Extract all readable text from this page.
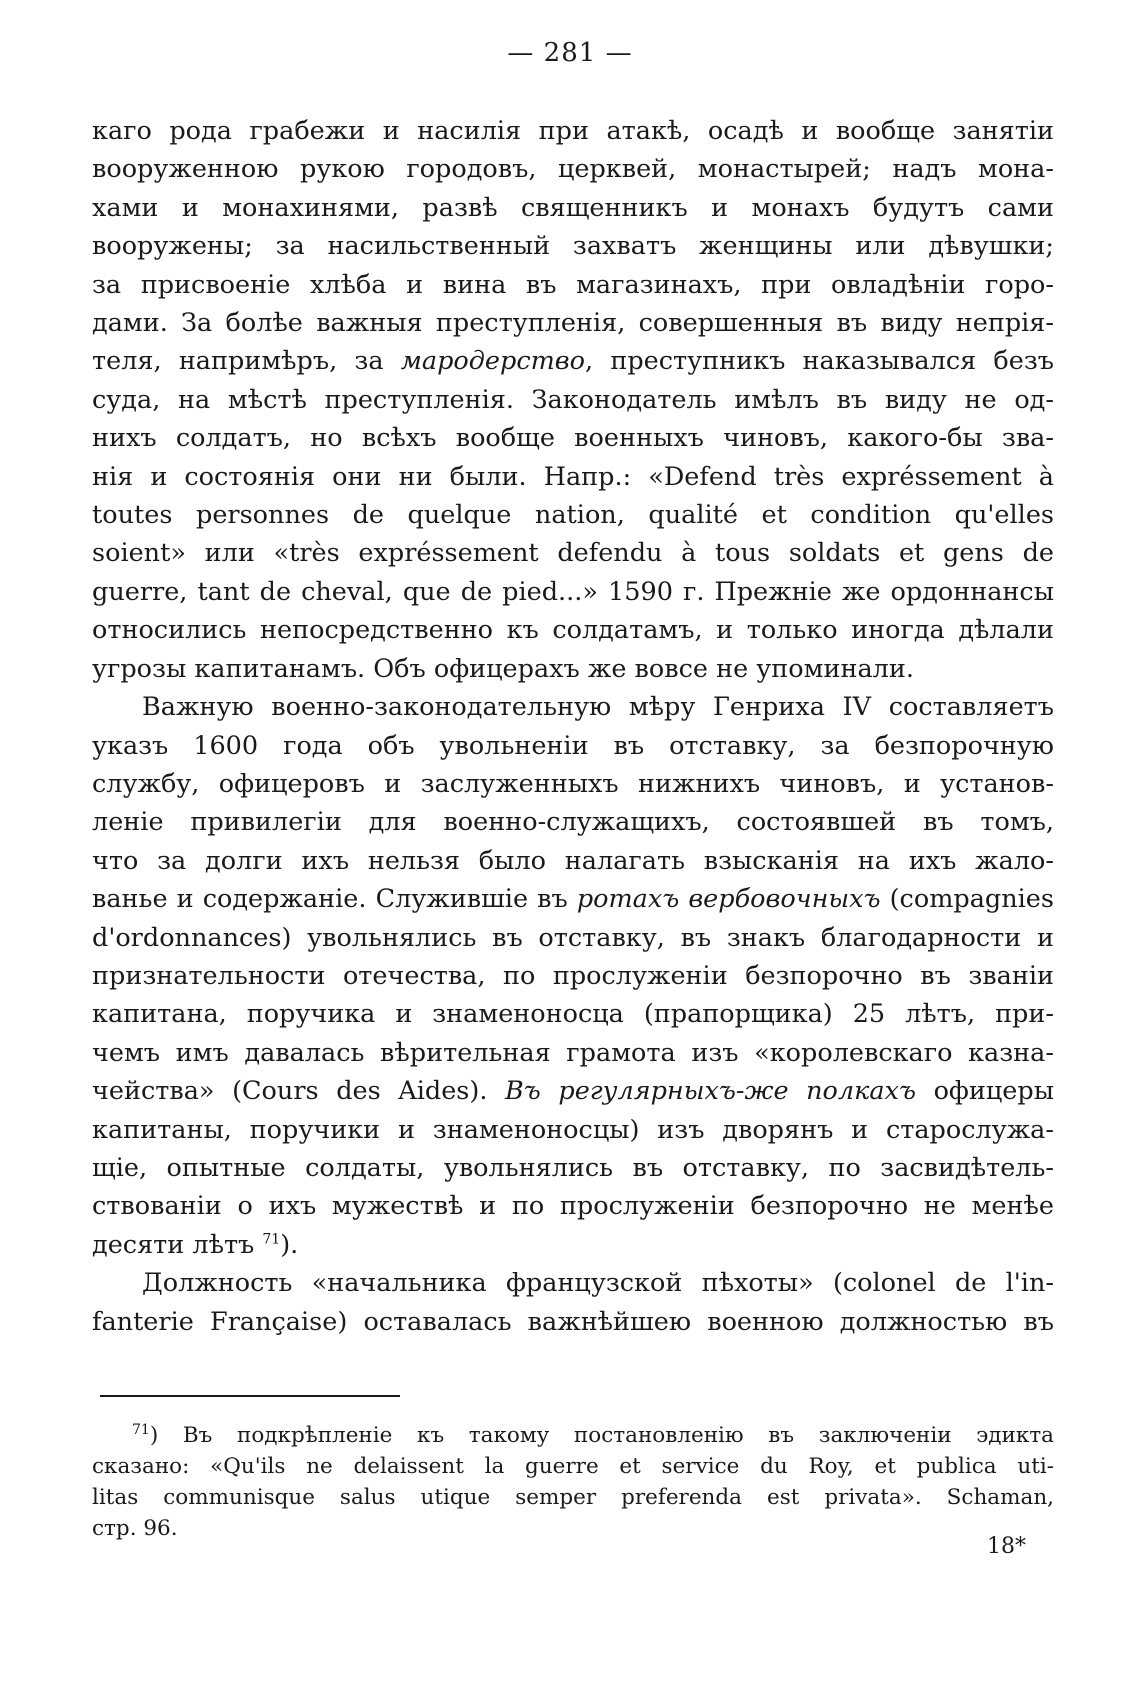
— 281 —
каго рода грабежи и насилія при атакѣ, осадѣ и вообще занятіи
вооруженною рукою городовъ, церквей, монастырей; надъ мона-
хами и монахинями, развѣ священникъ и монахъ будутъ сами
вооружены; за насильственный захватъ женщины или дѣвушки;
за присвоеніе хлѣба и вина въ магазинахъ, при овладѣніи горо-
дами. За болѣе важныя преступленія, совершенныя въ виду непрія-
теля, напримѣръ, за мародерство, преступникъ наказывался безъ
суда, на мѣстѣ преступленія. Законодатель имѣлъ въ виду не од-
нихъ солдатъ, но всѣхъ вообще военныхъ чиновъ, какого-бы зва-
нія и состоянія они ни были. Напр.: «Defend très expréssement à
toutes personnes de quelque nation, qualité et condition qu'elles
soient» или «très expréssement defendu à tous soldats et gens de
guerre, tant de cheval, que de pied...» 1590 г. Прежніе же ордоннансы
относились непосредственно къ солдатамъ, и только иногда дѣлали
угрозы капитанамъ. Объ офицерахъ же вовсе не упоминали.
Важную военно-законодательную мѣру Генриха IV составляетъ
указъ 1600 года объ увольненіи въ отставку, за безпорочную
службу, офицеровъ и заслуженныхъ нижнихъ чиновъ, и установ-
леніе привилегіи для военно-служащихъ, состоявшей въ томъ,
что за долги ихъ нельзя было налагать взысканія на ихъ жало-
ванье и содержаніе. Служившіе въ ротахъ вербовочныхъ (compagnies
d'ordonnances) увольнялись въ отставку, въ знакъ благодарности и
признательности отечества, по прослуженіи безпорочно въ званіи
капитана, поручика и знаменоносца (прапорщика) 25 лѣтъ, при-
чемъ имъ давалась вѣрительная грамота изъ «королевскаго казна-
чейства» (Cours des Aides). Въ регулярныхъ-же полкахъ офицеры
капитаны, поручики и знаменоносцы) изъ дворянъ и старослужа-
щіе, опытные солдаты, увольнялись въ отставку, по засвидѣтель-
ствованіи о ихъ мужествѣ и по прослуженіи безпорочно не менѣе
десяти лѣтъ $^{71}$).
Должность «начальника французской пѣхоты» (colonel de l'in-
fanterie Française) оставалась важнѣйшею военною должностью въ
$^{71}$) Въ подкрѣпленіе къ такому постановленію въ заключеніи эдикта
сказано: «Qu'ils ne delaissent la guerre et service du Roy, et publica uti-
litas communisque salus utique semper preferenda est privata». Schaman,
стр. 96.
18*
